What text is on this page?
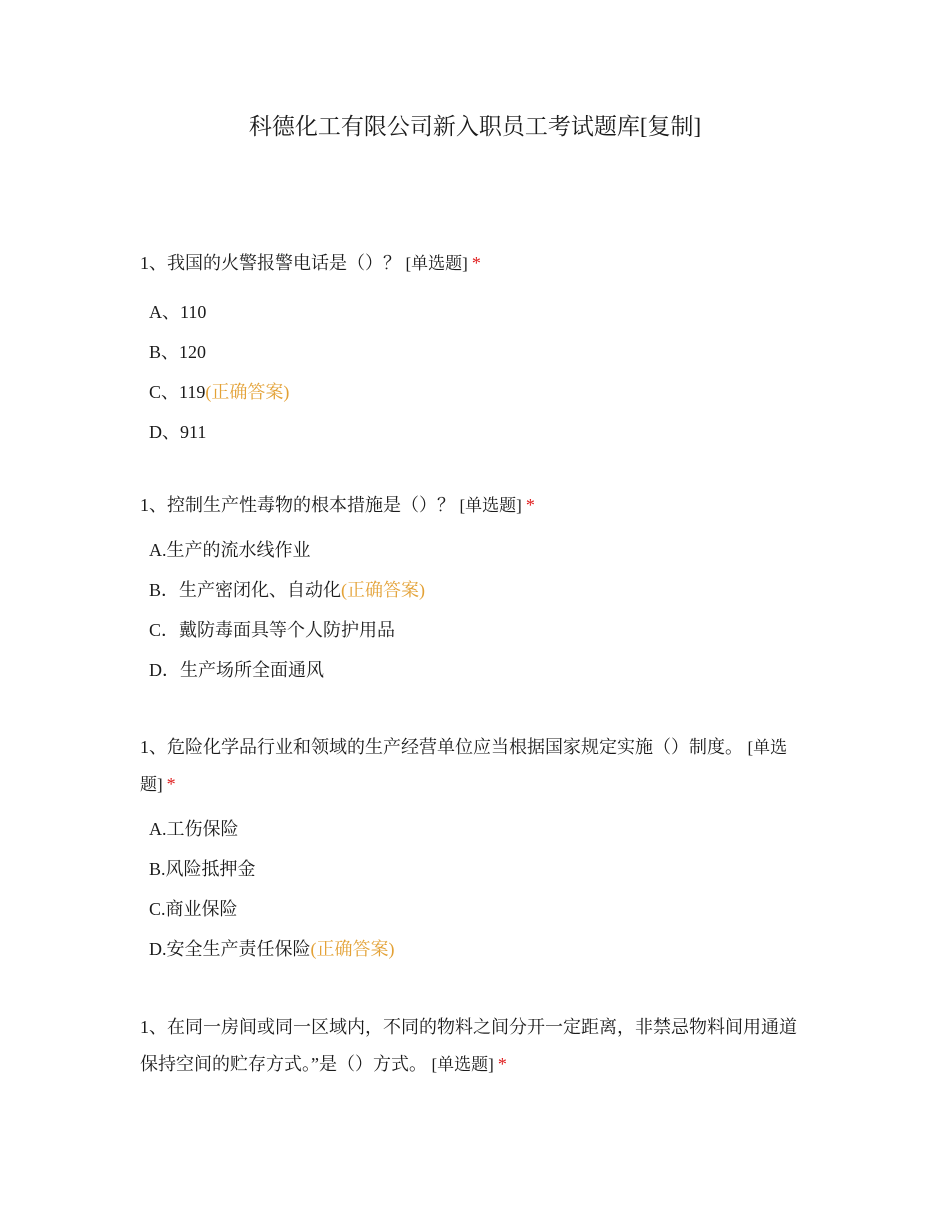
科德化工有限公司新入职员工考试题库[复制]
1、我国的火警报警电话是（）？ [单选题] *
A、110
B、120
C、119(正确答案)
D、911
1、控制生产性毒物的根本措施是（）？ [单选题] *
A.生产的流水线作业
B．生产密闭化、自动化(正确答案)
C．戴防毒面具等个人防护用品
D．生产场所全面通风
1、危险化学品行业和领域的生产经营单位应当根据国家规定实施（）制度。 [单选题] *
A.工伤保险
B.风险抵押金
C.商业保险
D.安全生产责任保险(正确答案)
1、在同一房间或同一区域内，不同的物料之间分开一定距离，非禁忌物料间用通道保持空间的贮存方式。”是（）方式。 [单选题] *
